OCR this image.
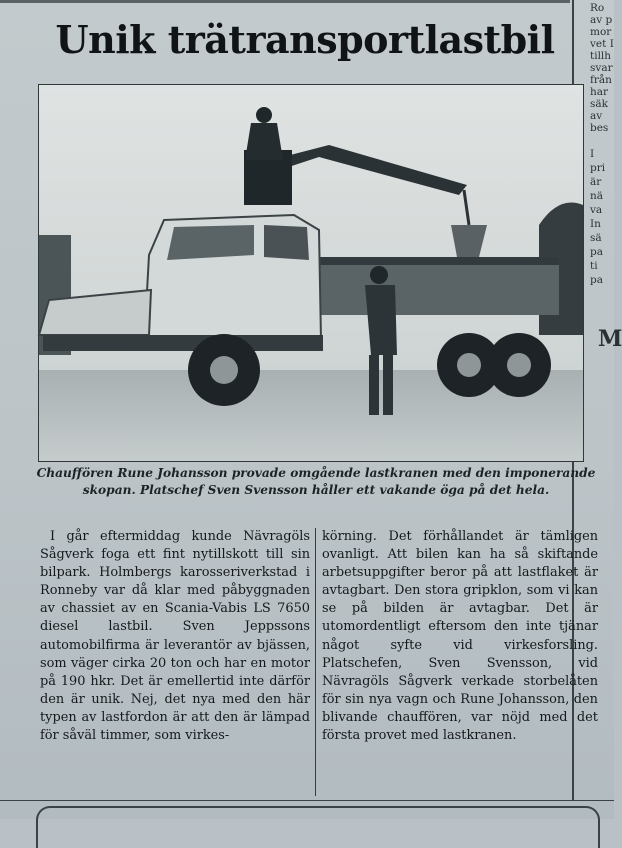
Unik trätransportlastbil

Chauffören Rune Johansson provade omgående lastkranen med den imponerande skopan. Platschef Sven Svensson håller ett vakande öga på det hela.

I går eftermiddag kunde Nävragöls Sågverk foga ett fint nytillskott till sin bilpark. Holmbergs karosseriverkstad i Ronneby var då klar med påbyggnaden av chassiet av en Scania-Vabis LS 7650 diesel lastbil. Sven Jeppssons automobilfirma är leverantör av bjässen, som väger cirka 20 ton och har en motor på 190 hkr. Det är emellertid inte därför den är unik. Nej, det nya med den här typen av lastfordon är att den är lämpad för såväl timmer, som virkes-

körning. Det förhållandet är tämligen ovanligt. Att bilen kan ha så skiftande arbetsuppgifter beror på att lastflaket är avtagbart. Den stora gripklon, som vi kan se på bilden är avtagbar. Det är utomordentligt eftersom den inte tjänar något syfte vid virkesforsling. Platschefen, Sven Svensson, vid Nävragöls Sågverk verkade storbelåten för sin nya vagn och Rune Johansson, den blivande chauffören, var nöjd med det första provet med lastkranen.

Ro

av p

mor

vet I

tillh

svar

från

har

säk

av

bes

I

pri

är

nä

va

In

sä

pa

ti

pa

M
